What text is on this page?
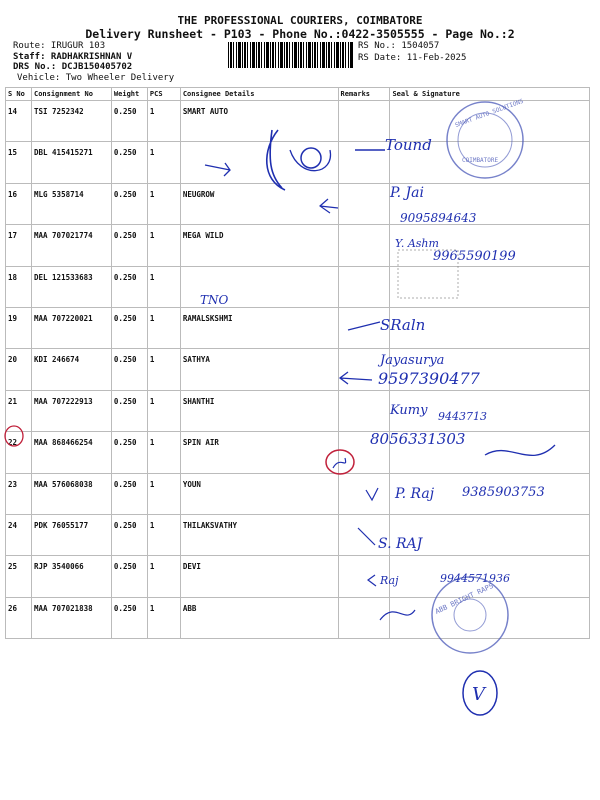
THE PROFESSIONAL COURIERS, COIMBATORE
Delivery Runsheet - P103 - Phone No.:0422-3505555 - Page No.:2
Route: IRUGUR 103
Staff: RADHAKRISHNAN V
DRS No.: DCJB150405702
Vehicle: Two Wheeler Delivery
RS No.: 1504057
RS Date: 11-Feb-2025
S No	Consignment No	Weight	PCS	Consignee Details	Remarks	Seal & Signature
14	TSI 7252342	0.250	1	SMART AUTO		
15	DBL 415415271	0.250	1			
16	MLG 5358714	0.250	1	NEUGROW		
17	MAA 707021774	0.250	1	MEGA WILD		
18	DEL 121533683	0.250	1			
19	MAA 707220021	0.250	1	RAMALSKSHMI		
20	KDI 246674	0.250	1	SATHYA		
21	MAA 707222913	0.250	1	SHANTHI		
22	MAA 868466254	0.250	1	SPIN AIR		
23	MAA 576068038	0.250	1	YOUN		
24	PDK 76055177	0.250	1	THILAKSVATHY		
25	RJP 3540066	0.250	1	DEVI		
26	MAA 707021838	0.250	1	ABB		
SMART AUTO SOLUTIONS
COIMBATORE
ABB BRIGHT RAPS
Tound
P. Jai
9095894643
Y. Ashm
9965590199
TNO
SRaln
Jayasurya
9597390477
Kumy 9443713
8056331303
P. Raj 9385903753
S. RAJ
Raj	9944571936
V
